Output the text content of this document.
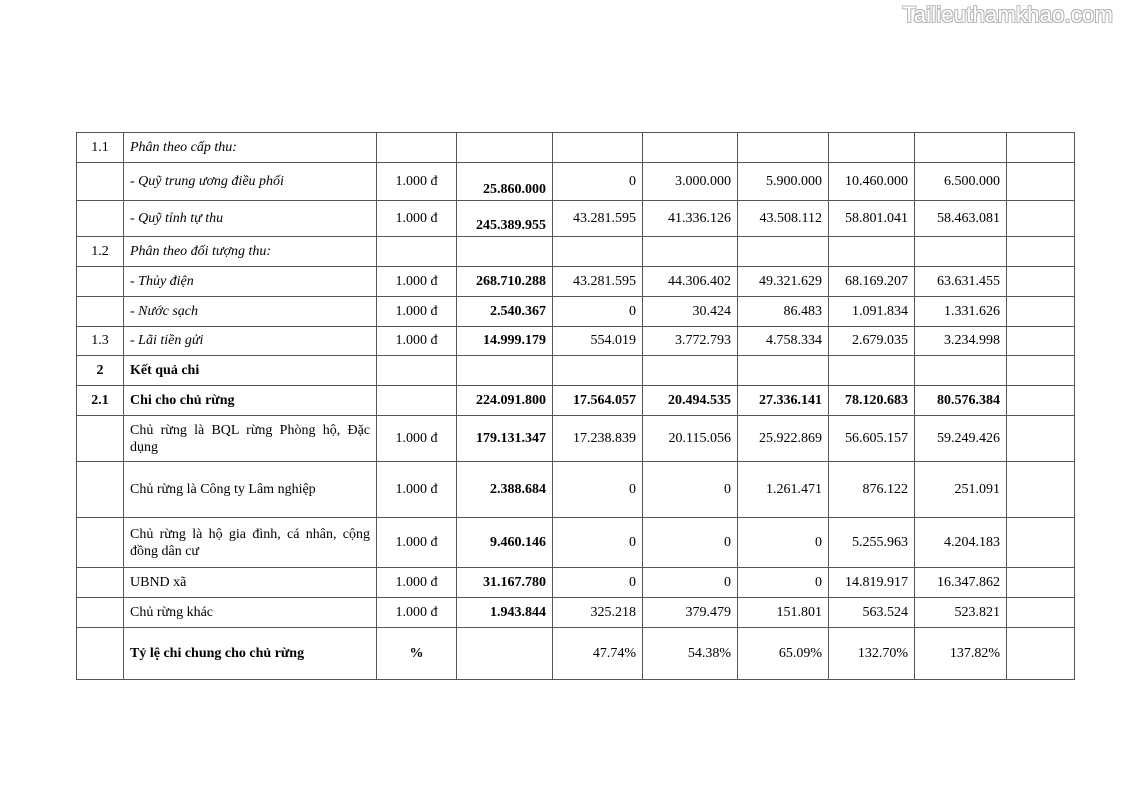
Tailieuthamkhao.com
1.1	Phân theo cấp thu:								
	- Quỹ trung ương điều phối	1.000 đ	25.860.000	0	3.000.000	5.900.000	10.460.000	6.500.000	
	- Quỹ tỉnh tự thu	1.000 đ	245.389.955	43.281.595	41.336.126	43.508.112	58.801.041	58.463.081	
1.2	Phân theo đối tượng thu:								
	- Thủy điện	1.000 đ	268.710.288	43.281.595	44.306.402	49.321.629	68.169.207	63.631.455	
	- Nước sạch	1.000 đ	2.540.367	0	30.424	86.483	1.091.834	1.331.626	
1.3	- Lãi tiền gửi	1.000 đ	14.999.179	554.019	3.772.793	4.758.334	2.679.035	3.234.998	
2	Kết quả chi								
2.1	Chi cho chủ rừng		224.091.800	17.564.057	20.494.535	27.336.141	78.120.683	80.576.384	
	Chủ rừng là BQL rừng Phòng hộ, Đặc dụng	1.000 đ	179.131.347	17.238.839	20.115.056	25.922.869	56.605.157	59.249.426	
	Chủ rừng là Công ty Lâm nghiệp	1.000 đ	2.388.684	0	0	1.261.471	876.122	251.091	
	Chủ rừng là hộ gia đình, cá nhân, cộng đồng dân cư	1.000 đ	9.460.146	0	0	0	5.255.963	4.204.183	
	UBND xã	1.000 đ	31.167.780	0	0	0	14.819.917	16.347.862	
	Chủ rừng khác	1.000 đ	1.943.844	325.218	379.479	151.801	563.524	523.821	
	Tỷ lệ chi chung cho chủ rừng	%		47.74%	54.38%	65.09%	132.70%	137.82%	
